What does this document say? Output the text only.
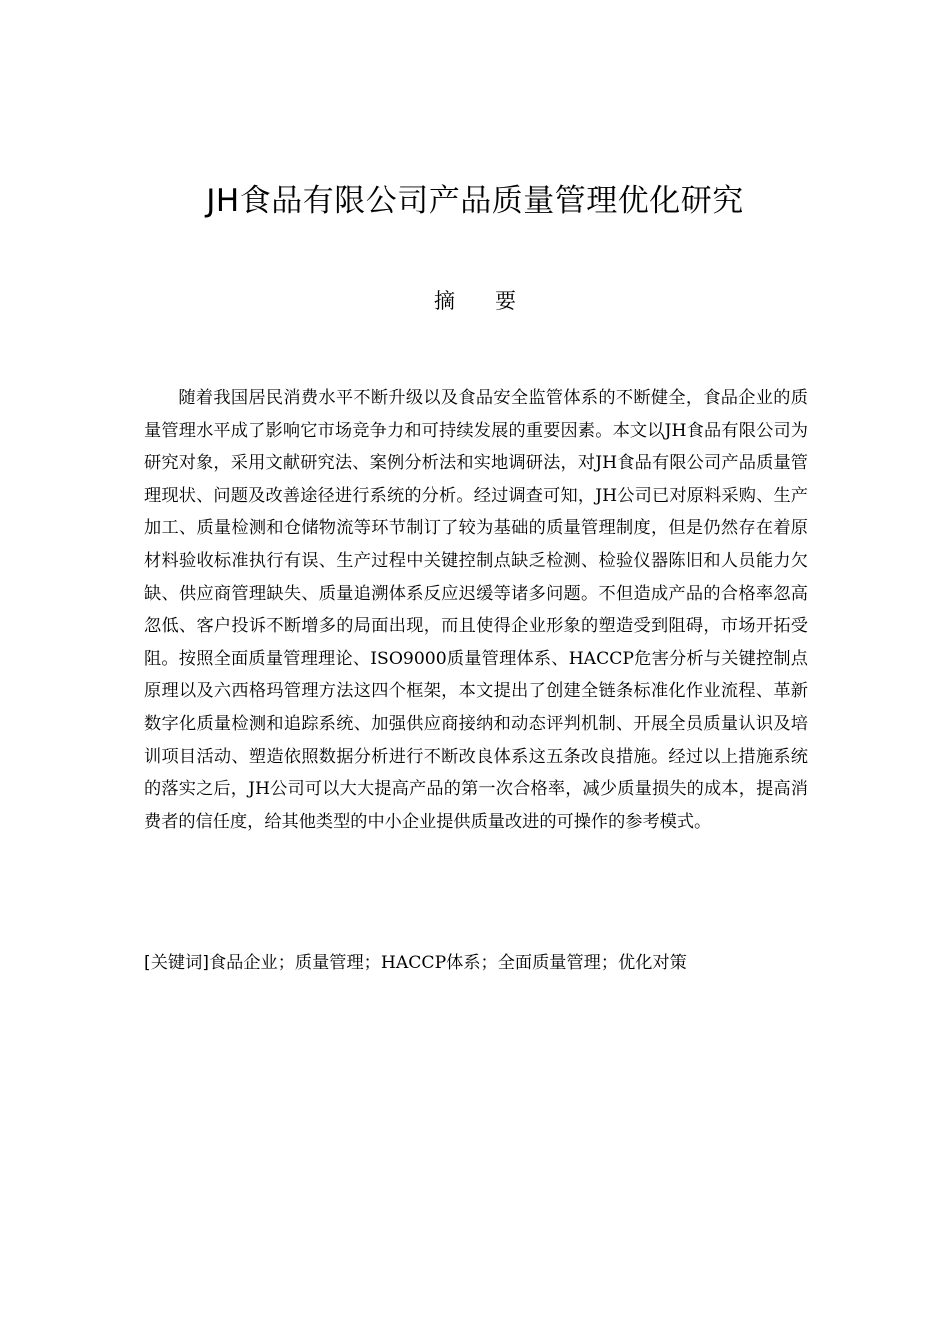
JH食品有限公司产品质量管理优化研究
摘要

随着我国居民消费水平不断升级以及食品安全监管体系的不断健全，食品企业的质量管理水平成了影响它市场竞争力和可持续发展的重要因素。本文以JH食品有限公司为研究对象，采用文献研究法、案例分析法和实地调研法，对JH食品有限公司产品质量管理现状、问题及改善途径进行系统的分析。经过调查可知，JH公司已对原料采购、生产加工、质量检测和仓储物流等环节制订了较为基础的质量管理制度，但是仍然存在着原材料验收标准执行有误、生产过程中关键控制点缺乏检测、检验仪器陈旧和人员能力欠缺、供应商管理缺失、质量追溯体系反应迟缓等诸多问题。不但造成产品的合格率忽高忽低、客户投诉不断增多的局面出现，而且使得企业形象的塑造受到阻碍，市场开拓受阻。按照全面质量管理理论、ISO9000质量管理体系、HACCP危害分析与关键控制点原理以及六西格玛管理方法这四个框架，本文提出了创建全链条标准化作业流程、革新数字化质量检测和追踪系统、加强供应商接纳和动态评判机制、开展全员质量认识及培训项目活动、塑造依照数据分析进行不断改良体系这五条改良措施。经过以上措施系统的落实之后，JH公司可以大大提高产品的第一次合格率，减少质量损失的成本，提高消费者的信任度，给其他类型的中小企业提供质量改进的可操作的参考模式。

[关键词]食品企业；质量管理；HACCP体系；全面质量管理；优化对策
